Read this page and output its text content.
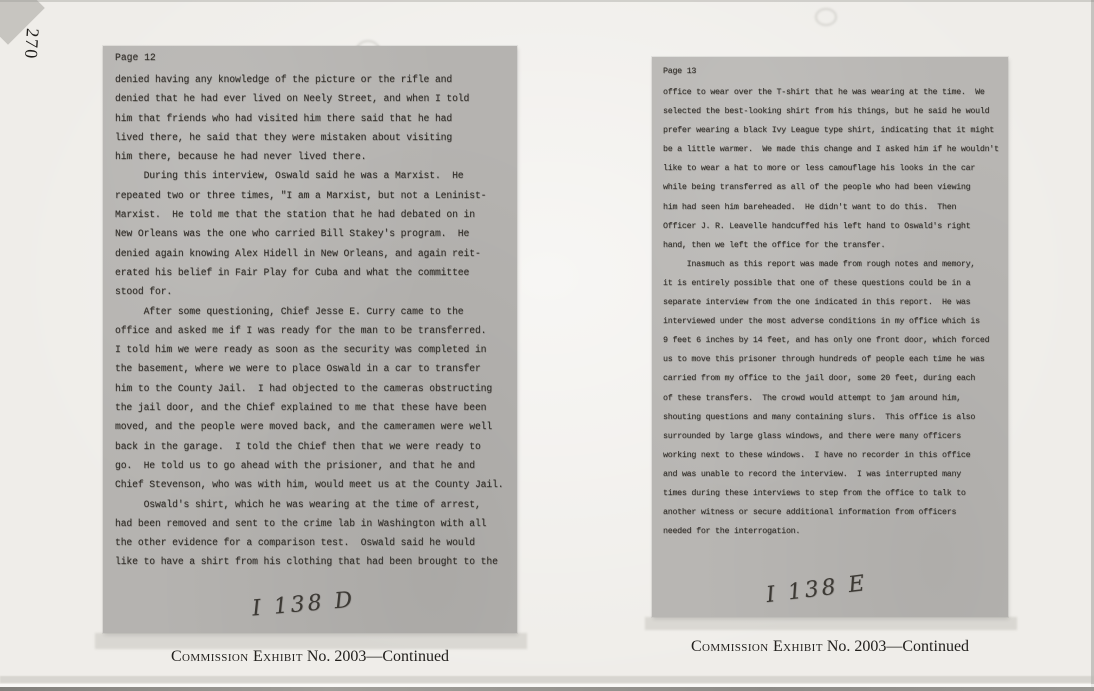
270	Page 12
denied having any knowledge of the picture or the rifle and
denied that he had ever lived on Neely Street, and when I told
him that friends who had visited him there said that he had
lived there, he said that they were mistaken about visiting
him there, because he had never lived there.
During this interview, Oswald said he was a Marxist.  He
repeated two or three times, "I am a Marxist, but not a Leninist-
Marxist.  He told me that the station that he had debated on in
New Orleans was the one who carried Bill Stakey's program.  He
denied again knowing Alex Hidell in New Orleans, and again reit-
erated his belief in Fair Play for Cuba and what the committee
stood for.
After some questioning, Chief Jesse E. Curry came to the
office and asked me if I was ready for the man to be transferred.
I told him we were ready as soon as the security was completed in
the basement, where we were to place Oswald in a car to transfer
him to the County Jail.  I had objected to the cameras obstructing
the jail door, and the Chief explained to me that these have been
moved, and the people were moved back, and the cameramen were well
back in the garage.  I told the Chief then that we were ready to
go.  He told us to go ahead with the prisioner, and that he and
Chief Stevenson, who was with him, would meet us at the County Jail.
Oswald's shirt, which he was wearing at the time of arrest,
had been removed and sent to the crime lab in Washington with all
the other evidence for a comparison test.  Oswald said he would
like to have a shirt from his clothing that had been brought to the
I 138 D
Commission Exhibit No. 2003—Continued
Page 13
office to wear over the T-shirt that he was wearing at the time.  We
selected the best-looking shirt from his things, but he said he would
prefer wearing a black Ivy League type shirt, indicating that it might
be a little warmer.  We made this change and I asked him if he wouldn't
like to wear a hat to more or less camouflage his looks in the car
while being transferred as all of the people who had been viewing
him had seen him bareheaded.  He didn't want to do this.  Then
Officer J. R. Leavelle handcuffed his left hand to Oswald's right
hand, then we left the office for the transfer.
Inasmuch as this report was made from rough notes and memory,
it is entirely possible that one of these questions could be in a
separate interview from the one indicated in this report.  He was
interviewed under the most adverse conditions in my office which is
9 feet 6 inches by 14 feet, and has only one front door, which forced
us to move this prisoner through hundreds of people each time he was
carried from my office to the jail door, some 20 feet, during each
of these transfers.  The crowd would attempt to jam around him,
shouting questions and many containing slurs.  This office is also
surrounded by large glass windows, and there were many officers
working next to these windows.  I have no recorder in this office
and was unable to record the interview.  I was interrupted many
times during these interviews to step from the office to talk to
another witness or secure additional information from officers
needed for the interrogation.
I 138 E
Commission Exhibit No. 2003—Continued
